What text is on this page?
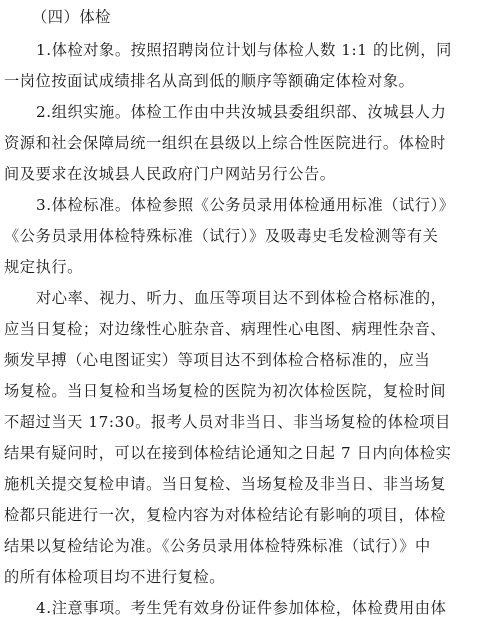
（四）体检
1.体检对象。按照招聘岗位计划与体检人数 1:1 的比例，同
一岗位按面试成绩排名从高到低的顺序等额确定体检对象。
2.组织实施。体检工作由中共汝城县委组织部、汝城县人力
资源和社会保障局统一组织在县级以上综合性医院进行。体检时
间及要求在汝城县人民政府门户网站另行公告。
3.体检标准。体检参照《公务员录用体检通用标准（试行）》
《公务员录用体检特殊标准（试行）》及吸毒史毛发检测等有关
规定执行。
对心率、视力、听力、血压等项目达不到体检合格标准的，
应当日复检；对边缘性心脏杂音、病理性心电图、病理性杂音、
频发早搏（心电图证实）等项目达不到体检合格标准的，应当
场复检。当日复检和当场复检的医院为初次体检医院，复检时间
不超过当天 17:30。报考人员对非当日、非当场复检的体检项目
结果有疑问时，可以在接到体检结论通知之日起 7 日内向体检实
施机关提交复检申请。当日复检、当场复检及非当日、非当场复
检都只能进行一次，复检内容为对体检结论有影响的项目，体检
结果以复检结论为准。《公务员录用体检特殊标准（试行）》中
的所有体检项目均不进行复检。
4.注意事项。考生凭有效身份证件参加体检，体检费用由体
